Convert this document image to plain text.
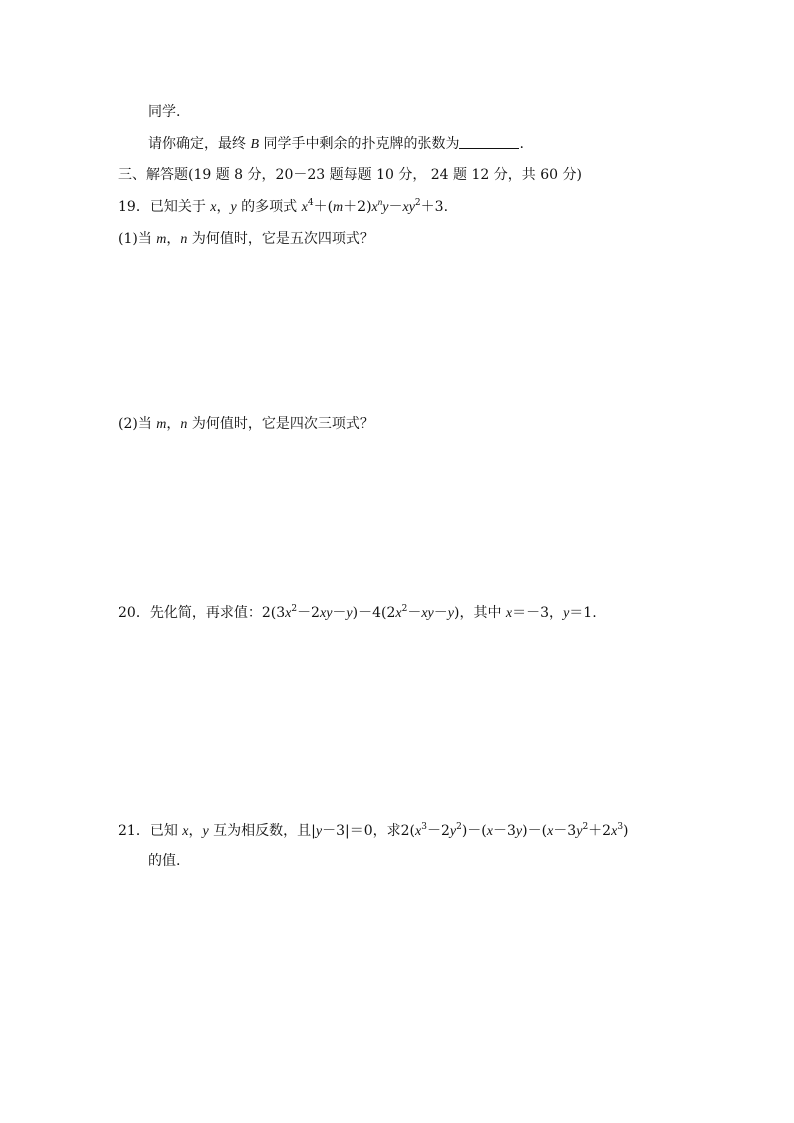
同学.
请你确定，最终 B 同学手中剩余的扑克牌的张数为	.
三、解答题(19 题 8 分，20－23 题每题 10 分， 24 题 12 分，共 60 分)
19．已知关于 x，y 的多项式 $x^4+(m+2)x^ny-xy^2+3$.
(1)当 m，n 为何值时，它是五次四项式？
(2)当 m，n 为何值时，它是四次三项式？
20．先化简，再求值：$2(3x^2-2xy-y)-4(2x^2-xy-y)$，其中 x＝－3，y＝1.
21．已知 x，y 互为相反数，且|y－3|＝0，求$2(x^3-2y^2)-(x-3y)-(x-3y^2+2x^3)$
的值.
